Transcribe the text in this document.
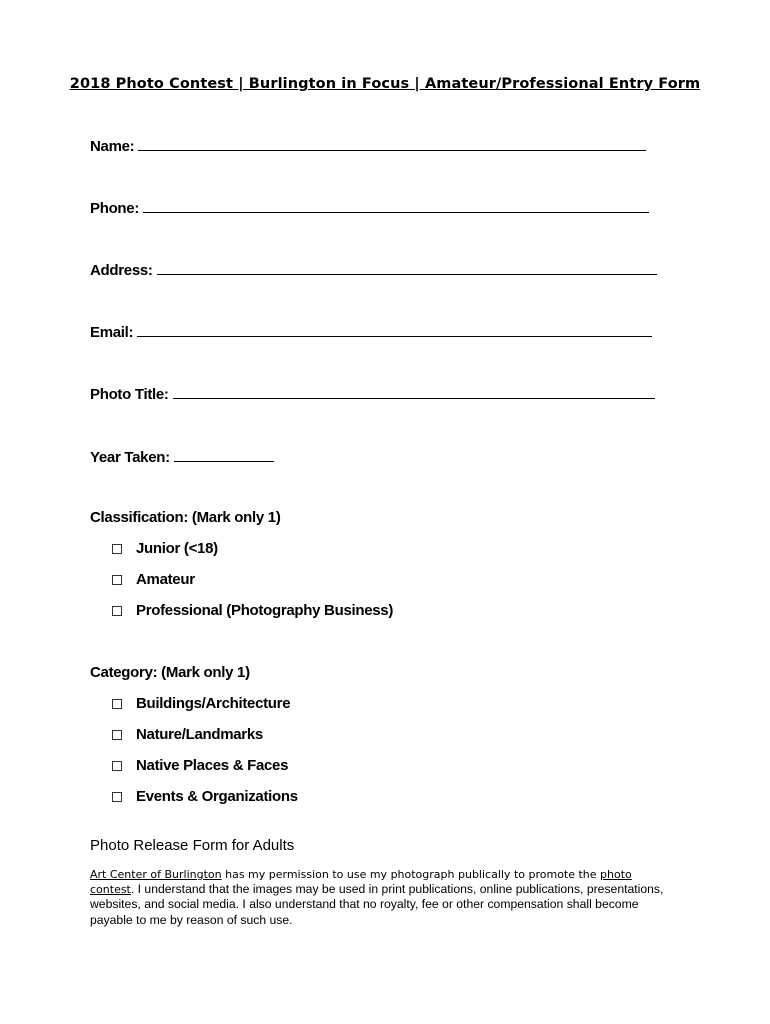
2018 Photo Contest | Burlington in Focus | Amateur/Professional Entry Form
Name:
Phone:
Address:
Email:
Photo Title:
Year Taken:
Classification: (Mark only 1)
Junior (<18)
Amateur
Professional (Photography Business)
Category: (Mark only 1)
Buildings/Architecture
Nature/Landmarks
Native Places & Faces
Events & Organizations
Photo Release Form for Adults
Art Center of Burlington has my permission to use my photograph publically to promote the photo contest. I understand that the images may be used in print publications, online publications, presentations, websites, and social media. I also understand that no royalty, fee or other compensation shall become payable to me by reason of such use.
